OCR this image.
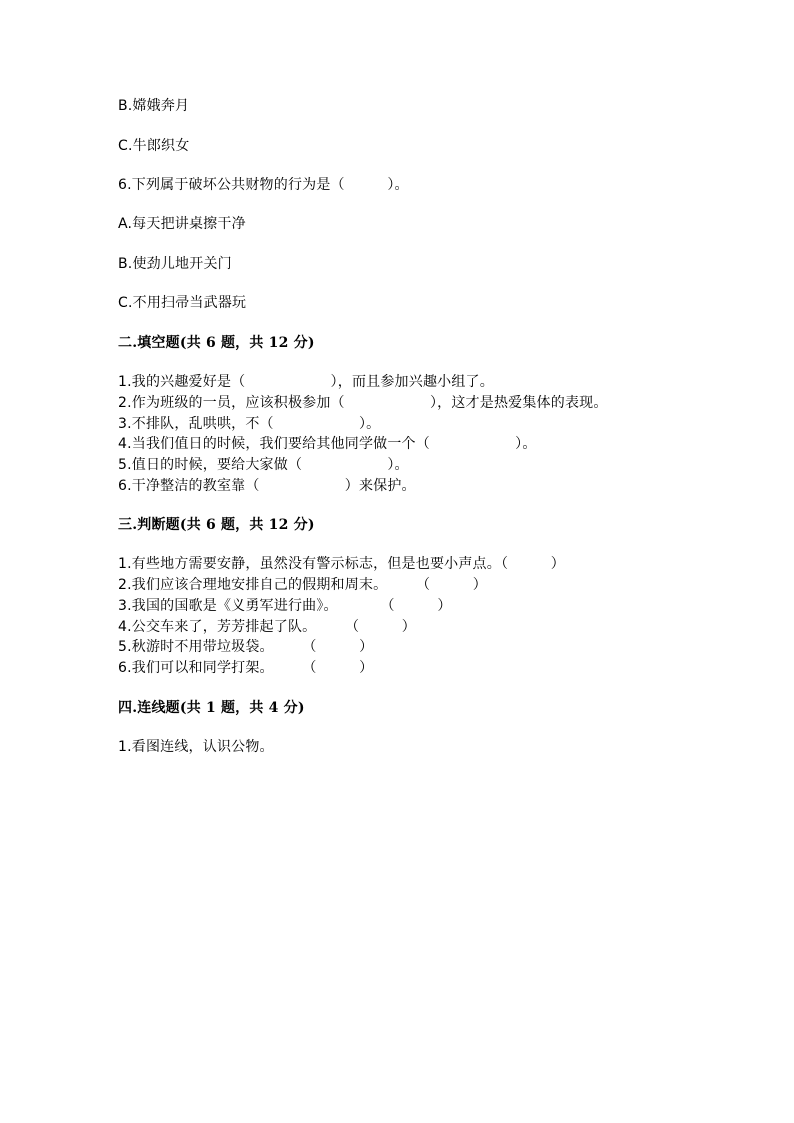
B.嫦娥奔月
C.牛郎织女
6.下列属于破坏公共财物的行为是（　　　）。
A.每天把讲桌擦干净
B.使劲儿地开关门
C.不用扫帚当武器玩
二.填空题(共 6 题，共 12 分)
1.我的兴趣爱好是（　　　　　　），而且参加兴趣小组了。
2.作为班级的一员，应该积极参加（　　　　　　），这才是热爱集体的表现。
3.不排队，乱哄哄，不（　　　　　　）。
4.当我们值日的时候，我们要给其他同学做一个（　　　　　　）。
5.值日的时候，要给大家做（　　　　　　）。
6.干净整洁的教室靠（　　　　　　）来保护。
三.判断题(共 6 题，共 12 分)
1.有些地方需要安静，虽然没有警示标志，但是也要小声点。（　　　）
2.我们应该合理地安排自己的假期和周末。　　　（　　　）
3.我国的国歌是《义勇军进行曲》。　　　　（　　　）
4.公交车来了，芳芳排起了队。　　　（　　　）
5.秋游时不用带垃圾袋。　　　（　　　）
6.我们可以和同学打架。　　　（　　　）
四.连线题(共 1 题，共 4 分)
1.看图连线，认识公物。
